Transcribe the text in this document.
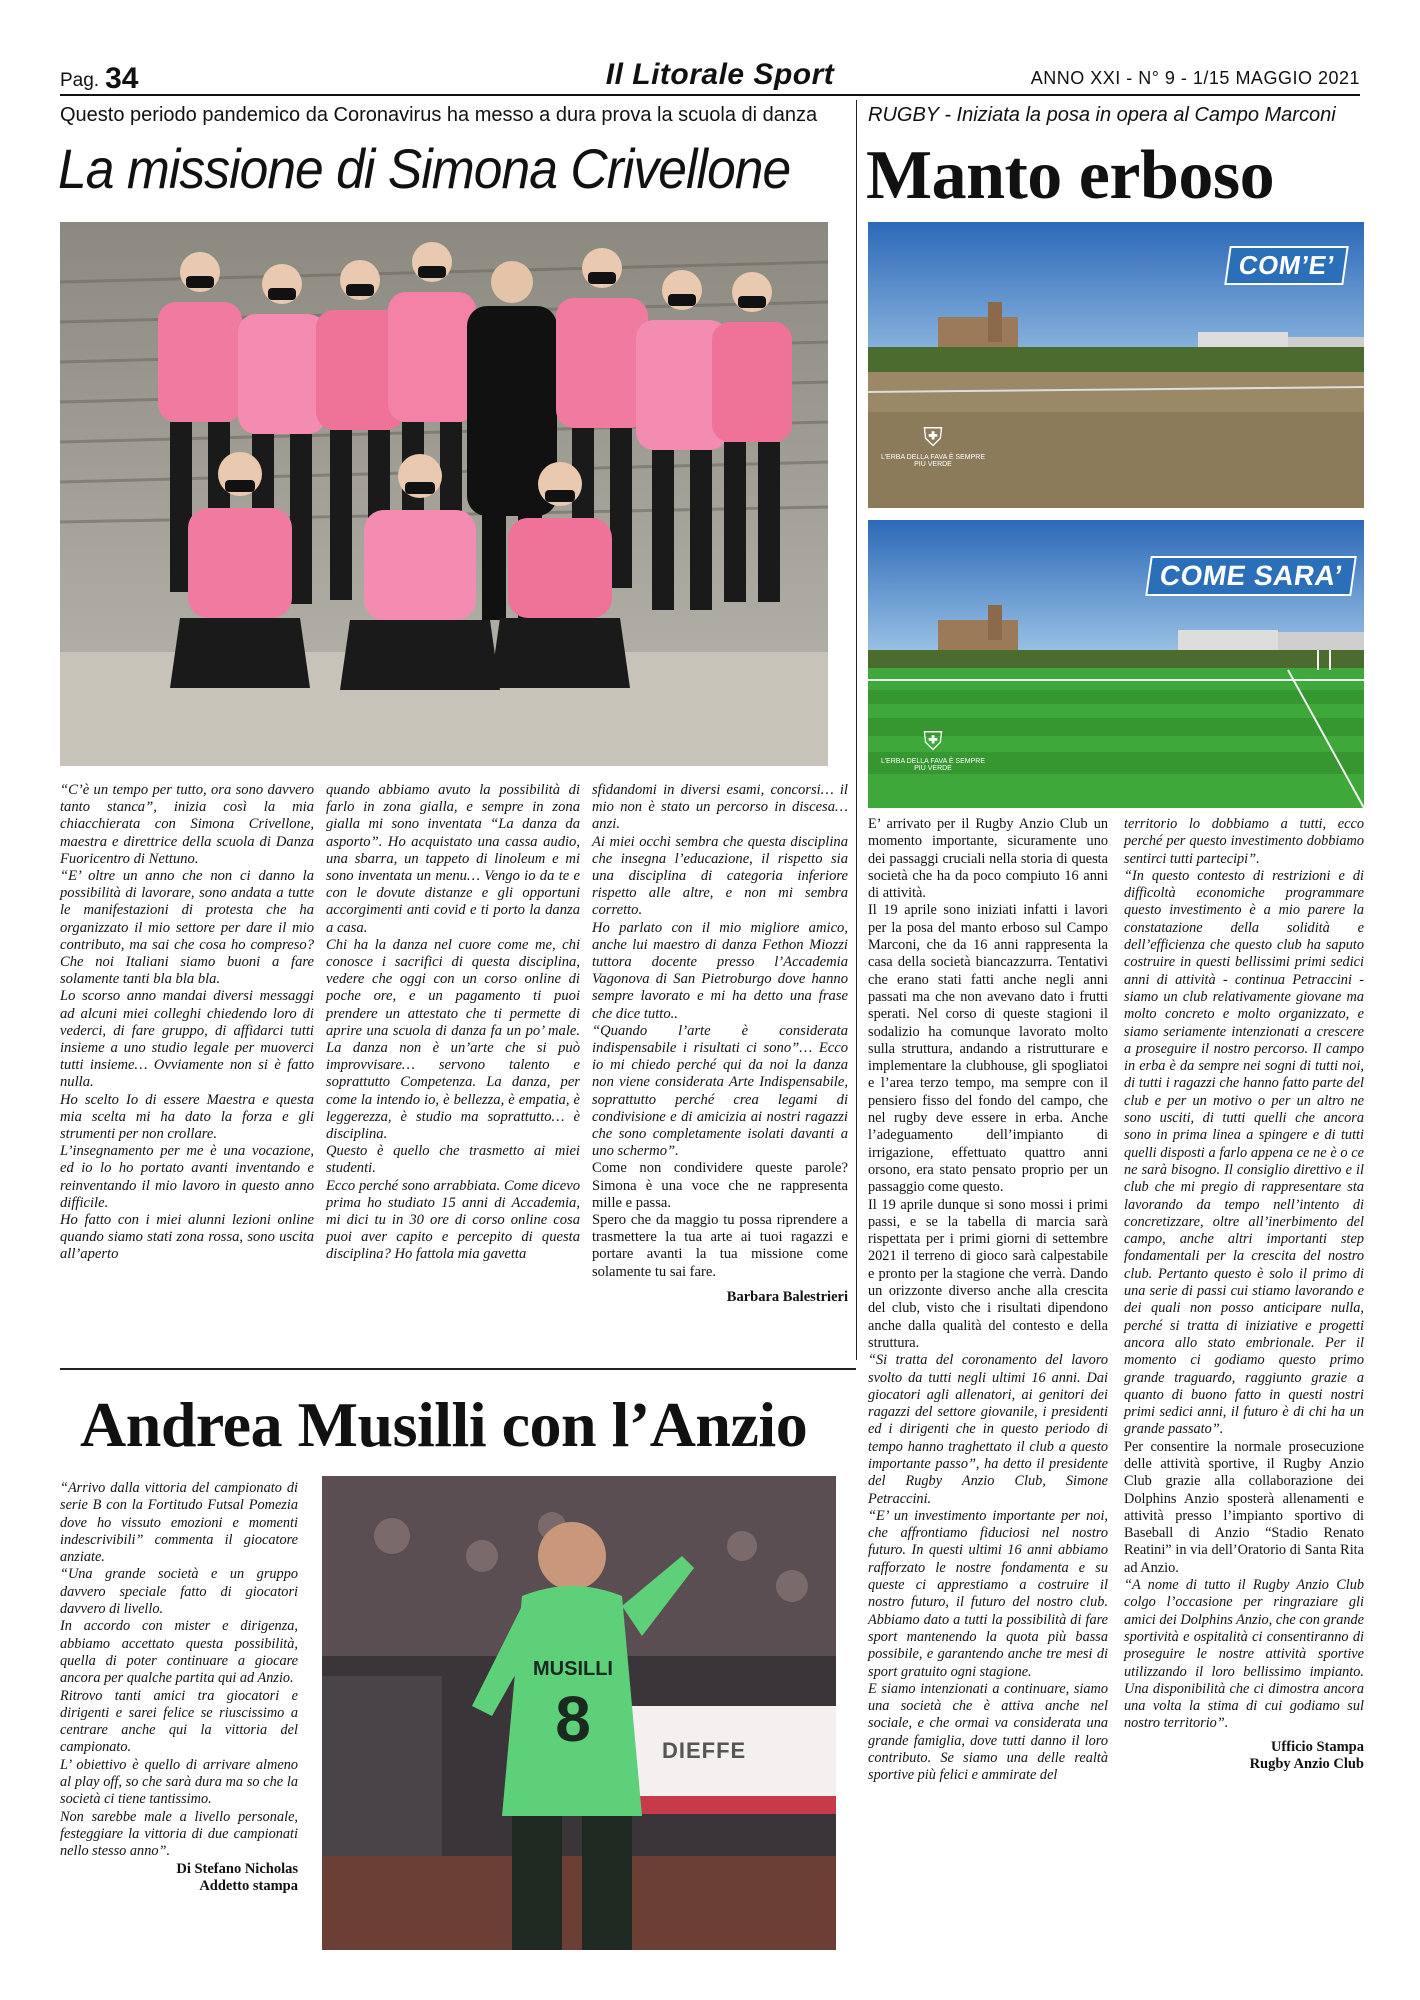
Pag. 34	Il Litorale Sport	ANNO XXI - N° 9 - 1/15 MAGGIO 2021
Questo periodo pandemico da Coronavirus ha messo a dura prova la scuola di danza
La missione di Simona Crivellone

“C’è un tempo per tutto, ora sono davvero tanto stanca”, inizia così la mia chiacchierata con Simona Crivellone, maestra e direttrice della scuola di Danza Fuoricentro di Nettuno.

“E’ oltre un anno che non ci danno la possibilità di lavorare, sono andata a tutte le manifestazioni di protesta che ha organizzato il mio settore per dare il mio contributo, ma sai che cosa ho compreso? Che noi Italiani siamo buoni a fare solamente tanti bla bla bla.

Lo scorso anno mandai diversi messaggi ad alcuni miei colleghi chiedendo loro di vederci, di fare gruppo, di affidarci tutti insieme a uno studio legale per muoverci tutti insieme… Ovviamente non si è fatto nulla.

Ho scelto Io di essere Maestra e questa mia scelta mi ha dato la forza e gli strumenti per non crollare.

L’insegnamento per me è una vocazione, ed io lo ho portato avanti inventando e reinventando il mio lavoro in questo anno difficile.

Ho fatto con i miei alunni lezioni online quando siamo stati zona rossa, sono uscita all’aperto

quando abbiamo avuto la possibilità di farlo in zona gialla, e sempre in zona gialla mi sono inventata “La danza da asporto”. Ho acquistato una cassa audio, una sbarra, un tappeto di linoleum e mi sono inventata un menu… Vengo io da te e con le dovute distanze e gli opportuni accorgimenti anti covid e ti porto la danza a casa.

Chi ha la danza nel cuore come me, chi conosce i sacrifici di questa disciplina, vedere che oggi con un corso online di poche ore, e un pagamento ti puoi prendere un attestato che ti permette di aprire una scuola di danza fa un po’ male. La danza non è un’arte che si può improvvisare… servono talento e soprattutto Competenza. La danza, per come la intendo io, è bellezza, è empatia, è leggerezza, è studio ma soprattutto… è disciplina.

Questo è quello che trasmetto ai miei studenti.

Ecco perché sono arrabbiata. Come dicevo prima ho studiato 15 anni di Accademia, mi dici tu in 30 ore di corso online cosa puoi aver capito e percepito di questa disciplina? Ho fattola mia gavetta

sfidandomi in diversi esami, concorsi… il mio non è stato un percorso in discesa…anzi.

Ai miei occhi sembra che questa disciplina che insegna l’educazione, il rispetto sia una disciplina di categoria inferiore rispetto alle altre, e non mi sembra corretto.

Ho parlato con il mio migliore amico, anche lui maestro di danza Fethon Miozzi tuttora docente presso l’Accademia Vagonova di San Pietroburgo dove hanno sempre lavorato e mi ha detto una frase che dice tutto..

“Quando l’arte è considerata indispensabile i risultati ci sono”… Ecco io mi chiedo perché qui da noi la danza non viene considerata Arte Indispensabile, soprattutto perché crea legami di condivisione e di amicizia ai nostri ragazzi che sono completamente isolati davanti a uno schermo”.

Come non condividere queste parole? Simona è una voce che ne rappresenta mille e passa.

Spero che da maggio tu possa riprendere a trasmettere la tua arte ai tuoi ragazzi e portare avanti la tua missione come solamente tu sai fare.

Barbara Balestrieri

RUGBY - Iniziata la posa in opera al Campo Marconi
Manto erboso
COM’E’
⛨
L’ERBA DELLA FAVA È SEMPRE PIÙ VERDE
COME SARA’
⛨
L’ERBA DELLA FAVA È SEMPRE PIÙ VERDE

E’ arrivato per il Rugby Anzio Club un momento importante, sicuramente uno dei passaggi cruciali nella storia di questa società che ha da poco compiuto 16 anni di attività.

Il 19 aprile sono iniziati infatti i lavori per la posa del manto erboso sul Campo Marconi, che da 16 anni rappresenta la casa della società biancazzurra. Tentativi che erano stati fatti anche negli anni passati ma che non avevano dato i frutti sperati. Nel corso di queste stagioni il sodalizio ha comunque lavorato molto sulla struttura, andando a ristrutturare e implementare la clubhouse, gli spogliatoi e l’area terzo tempo, ma sempre con il pensiero fisso del fondo del campo, che nel rugby deve essere in erba. Anche l’adeguamento dell’impianto di irrigazione, effettuato quattro anni orsono, era stato pensato proprio per un passaggio come questo.

Il 19 aprile dunque si sono mossi i primi passi, e se la tabella di marcia sarà rispettata per i primi giorni di settembre 2021 il terreno di gioco sarà calpestabile e pronto per la stagione che verrà. Dando un orizzonte diverso anche alla crescita del club, visto che i risultati dipendono anche dalla qualità del contesto e della struttura.

“Si tratta del coronamento del lavoro svolto da tutti negli ultimi 16 anni. Dai giocatori agli allenatori, ai genitori dei ragazzi del settore giovanile, i presidenti ed i dirigenti che in questo periodo di tempo hanno traghettato il club a questo importante passo”, ha detto il presidente del Rugby Anzio Club, Simone Petraccini.

“E’ un investimento importante per noi, che affrontiamo fiduciosi nel nostro futuro. In questi ultimi 16 anni abbiamo rafforzato le nostre fondamenta e su queste ci apprestiamo a costruire il nostro futuro, il futuro del nostro club. Abbiamo dato a tutti la possibilità di fare sport mantenendo la quota più bassa possibile, e garantendo anche tre mesi di sport gratuito ogni stagione.

E siamo intenzionati a continuare, siamo una società che è attiva anche nel sociale, e che ormai va considerata una grande famiglia, dove tutti danno il loro contributo. Se siamo una delle realtà sportive più felici e ammirate del

territorio lo dobbiamo a tutti, ecco perché per questo investimento dobbiamo sentirci tutti partecipi”.

“In questo contesto di restrizioni e di difficoltà economiche programmare questo investimento è a mio parere la constatazione della solidità e dell’efficienza che questo club ha saputo costruire in questi bellissimi primi sedici anni di attività - continua Petraccini - siamo un club relativamente giovane ma molto concreto e molto organizzato, e siamo seriamente intenzionati a crescere a proseguire il nostro percorso. Il campo in erba è da sempre nei sogni di tutti noi, di tutti i ragazzi che hanno fatto parte del club e per un motivo o per un altro ne sono usciti, di tutti quelli che ancora sono in prima linea a spingere e di tutti quelli disposti a farlo appena ce ne è o ce ne sarà bisogno. Il consiglio direttivo e il club che mi pregio di rappresentare sta lavorando da tempo nell’intento di concretizzare, oltre all’inerbimento del campo, anche altri importanti step fondamentali per la crescita del nostro club. Pertanto questo è solo il primo di una serie di passi cui stiamo lavorando e dei quali non posso anticipare nulla, perché si tratta di iniziative e progetti ancora allo stato embrionale. Per il momento ci godiamo questo primo grande traguardo, raggiunto grazie a quanto di buono fatto in questi nostri primi sedici anni, il futuro è di chi ha un grande passato”.

Per consentire la normale prosecuzione delle attività sportive, il Rugby Anzio Club grazie alla collaborazione dei Dolphins Anzio sposterà allenamenti e attività presso l’impianto sportivo di Baseball di Anzio “Stadio Renato Reatini” in via dell’Oratorio di Santa Rita ad Anzio.

“A nome di tutto il Rugby Anzio Club colgo l’occasione per ringraziare gli amici dei Dolphins Anzio, che con grande sportività e ospitalità ci consentiranno di proseguire le nostre attività sportive utilizzando il loro bellissimo impianto. Una disponibilità che ci dimostra ancora una volta la stima di cui godiamo sul nostro territorio”.

Ufficio Stampa
Rugby Anzio Club

Andrea Musilli con l’Anzio

“Arrivo dalla vittoria del campionato di serie B con la Fortitudo Futsal Pomezia dove ho vissuto emozioni e momenti indescrivibili” commenta il giocatore anziate.

“Una grande società e un gruppo davvero speciale fatto di giocatori davvero di livello.

In accordo con mister e dirigenza, abbiamo accettato questa possibilità, quella di poter continuare a giocare ancora per qualche partita qui ad Anzio.

Ritrovo tanti amici tra giocatori e dirigenti e sarei felice se riuscissimo a centrare anche qui la vittoria del campionato.

L’ obiettivo è quello di arrivare almeno al play off, so che sarà dura ma so che la società ci tiene tantissimo.

Non sarebbe male a livello personale, festeggiare la vittoria di due campionati nello stesso anno”.

Di Stefano Nicholas
Addetto stampa

MUSILLI
8	DIEFFE
